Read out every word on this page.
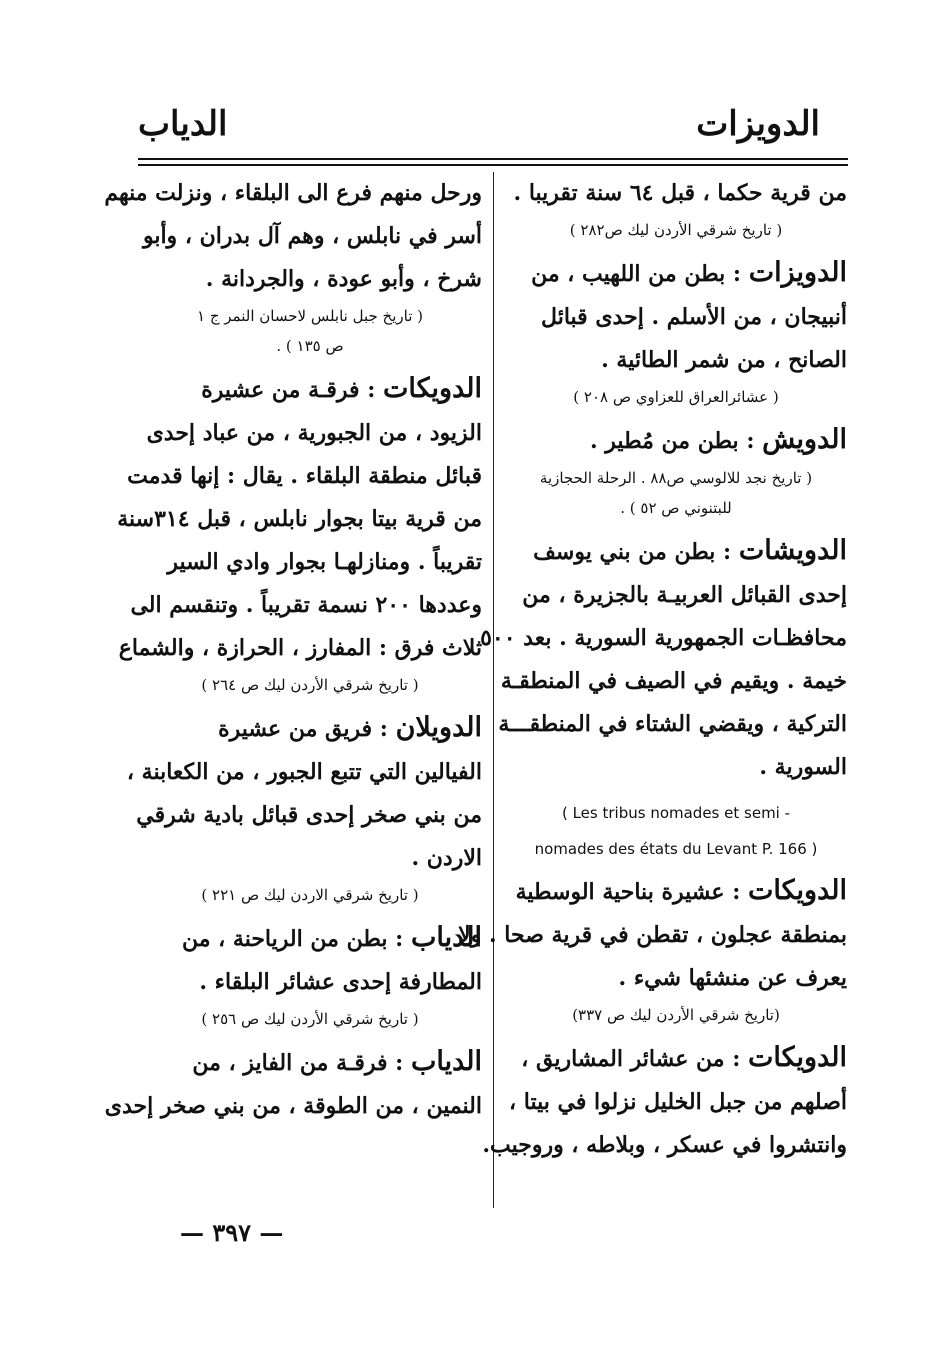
الدويزات
الدياب
من قرية حكما ، قبل ٦٤ سنة تقريبا .
( تاريخ شرقي الأردن ليك ص٢٨٢ )
الدويزات : بطن من اللهيب ، من
أنبيجان ، من الأسلم . إحدى قبائل
الصانح ، من شمر الطائية .
( عشائرالعراق للعزاوي ص ٢٠٨ )
الدويش : بطن من مُطير .
( تاريخ نجد للالوسي ص٨٨ . الرحلة الحجازية
للبتنوني ص ٥٢ ) .
الدويشات : بطن من بني يوسف
إحدى القبائل العربيـة بالجزيرة ، من
محافظـات الجمهورية السورية . بعد ٥٠٠
خيمة . ويقيم في الصيف في المنطقـة
التركية ، ويقضي الشتاء في المنطقـــة
السورية .
( Les tribus nomades et semi -
nomades des états du Levant P. 166 )
الدويكات : عشيرة بناحية الوسطية
بمنطقة عجلون ، تقطن في قرية صحا . ولا
يعرف عن منشئها شيء .
(تاريخ شرقي الأردن ليك ص ٣٣٧)
الدويكات : من عشائر المشاريق ،
أصلهم من جبل الخليل نزلوا في بيتا ،
وانتشروا في عسكر ، وبلاطه ، وروجيب.
ورحل منهم فرع الى البلقاء ، ونزلت منهم
أسر في نابلس ، وهم آل بدران ، وأبو
شرخ ، وأبو عودة ، والجردانة .
( تاريخ جبل نابلس لاحسان النمر ج ١
ص ١٣٥ ) .
الدويكات : فرقـة من عشيرة
الزيود ، من الجبورية ، من عباد إحدى
قبائل منطقة البلقاء . يقال : إنها قدمت
من قرية بيتا بجوار نابلس ، قبل ٣١٤سنة
تقريباً . ومنازلهـا بجوار وادي السير
وعددها ٢٠٠ نسمة تقريباً . وتنقسم الى
ثلاث فرق : المفارز ، الحرازة ، والشماع
( تاريخ شرقي الأردن ليك ص ٢٦٤ )
الدويلان : فريق من عشيرة
الفيالين التي تتبع الجبور ، من الكعابنة ،
من بني صخر إحدى قبائل بادية شرقي
الاردن .
( تاريخ شرقي الاردن ليك ص ٢٢١ )
الدياب : بطن من الرياحنة ، من
المطارفة إحدى عشائر البلقاء .
( تاريخ شرقي الأردن ليك ص ٢٥٦ )
الدياب : فرقـة من الفايز ، من
النمين ، من الطوقة ، من بني صخر إحدى
— ٣٩٧ —
